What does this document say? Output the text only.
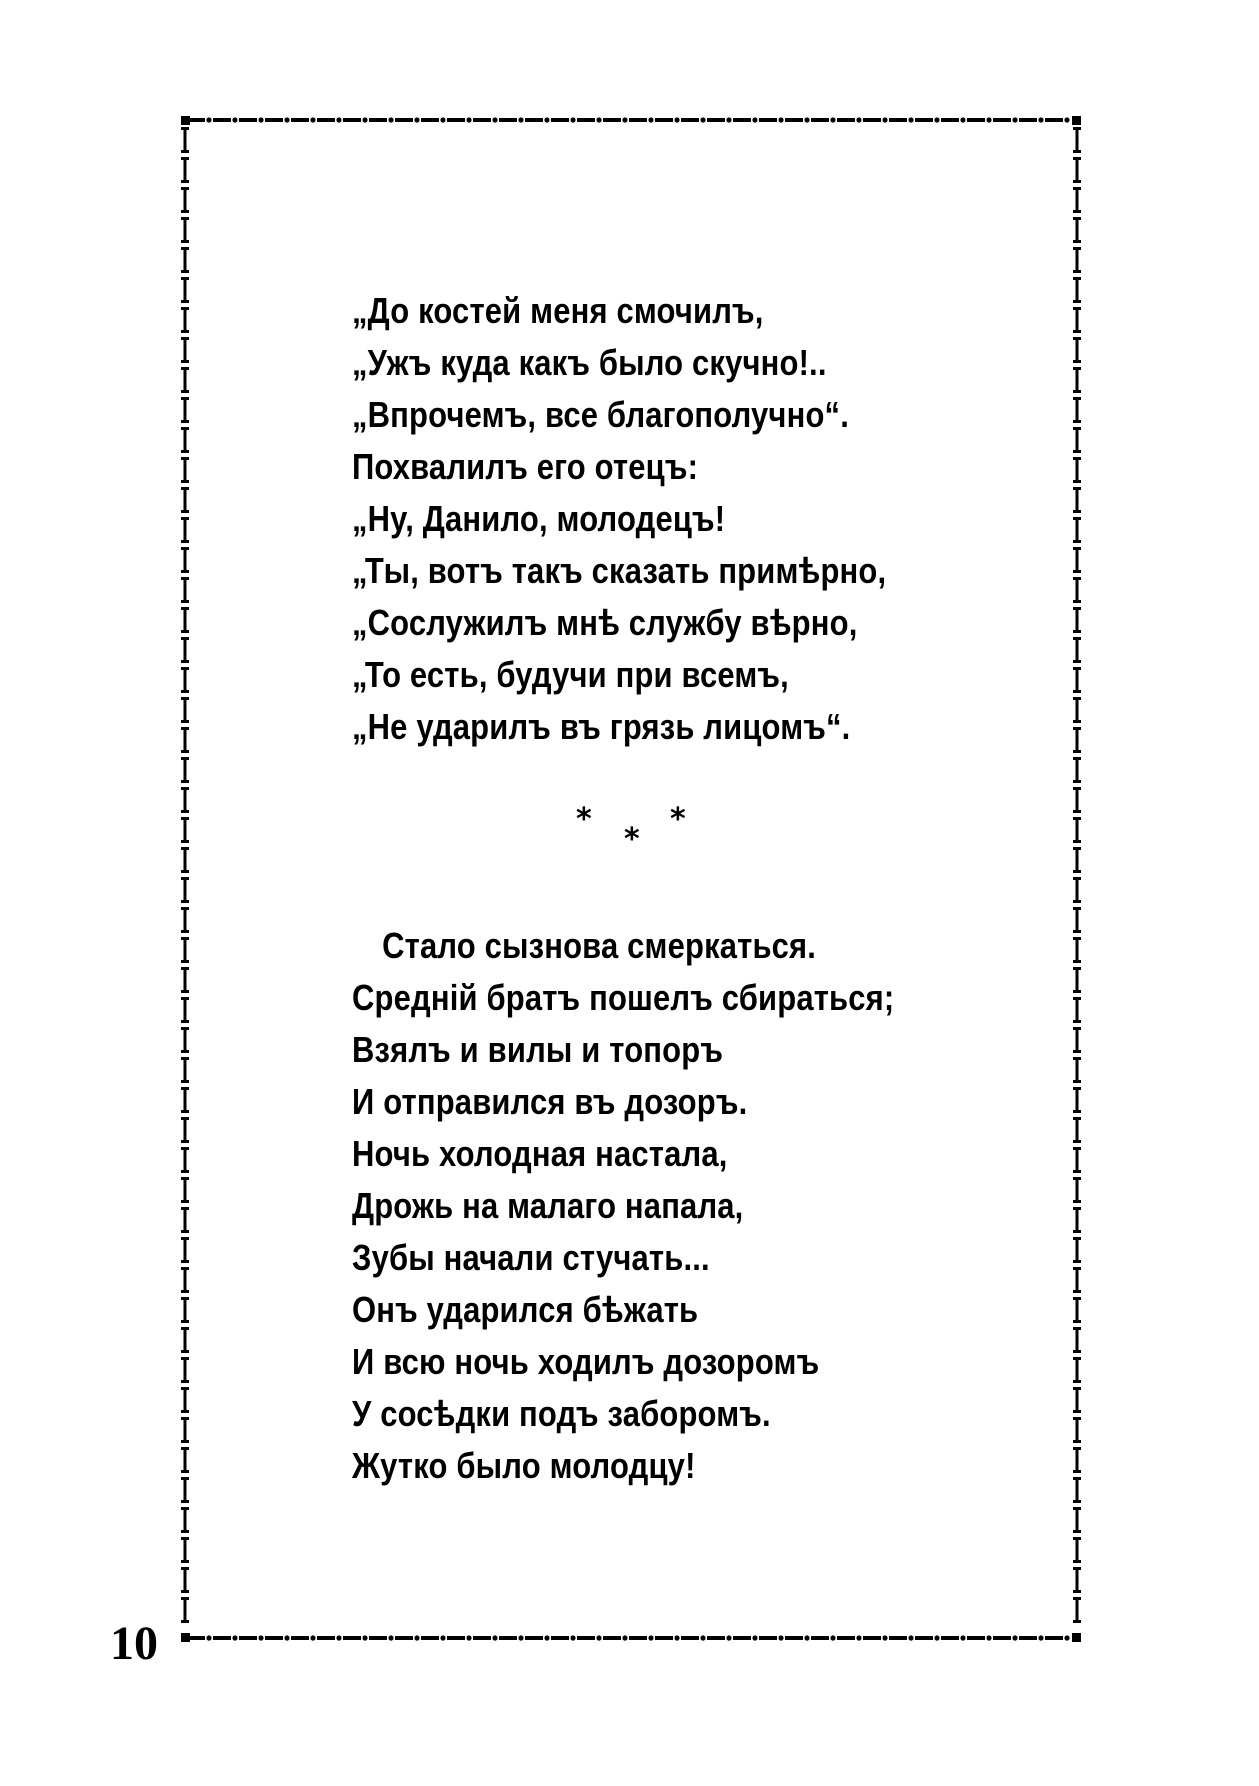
„До костей меня смочилъ,
„Ужъ куда какъ было скучно!..
„Впрочемъ, все благополучно“.
Похвалилъ его отецъ:
„Ну, Данило, молодецъ!
„Ты, вотъ такъ сказать примѣрно,
„Сослужилъ мнѣ службу вѣрно,
„То есть, будучи при всемъ,
„Не ударилъ въ грязь лицомъ“.
*
*
*
Стало сызнова смеркаться.
Средній братъ пошелъ сбираться;
Взялъ и вилы и топоръ
И отправился въ дозоръ.
Ночь холодная настала,
Дрожь на малаго напала,
Зубы начали стучать...
Онъ ударился бѣжать
И всю ночь ходилъ дозоромъ
У сосѣдки подъ заборомъ.
Жутко было молодцу!
10
